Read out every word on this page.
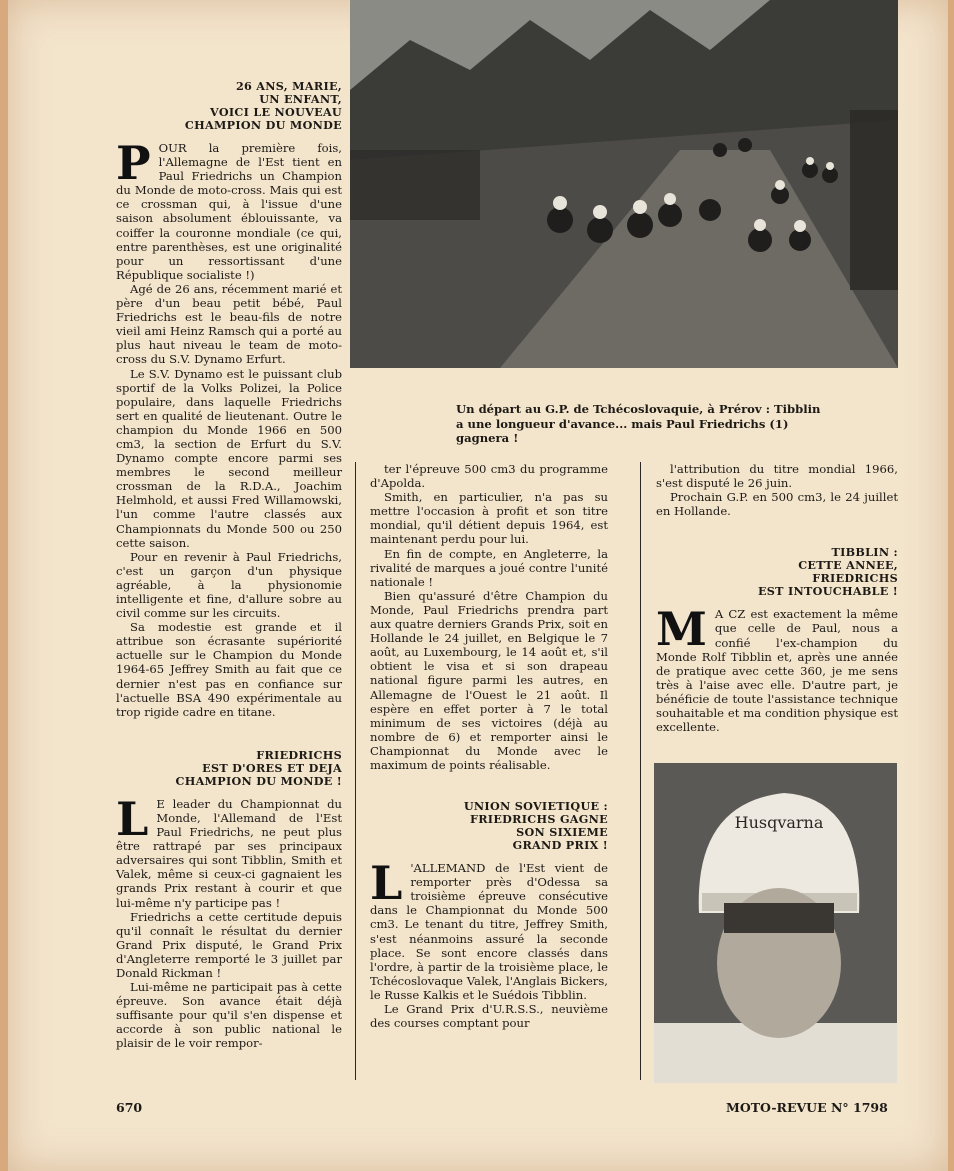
Husqvarna

26 ANS, MARIE,

UN ENFANT,

VOICI LE NOUVEAU

CHAMPION DU MONDE

POUR la première fois, l'Allemagne de l'Est tient en Paul Friedrichs un Champion du Monde de moto-cross. Mais qui est ce crossman qui, à l'issue d'une saison absolument éblouissante, va coiffer la couronne mondiale (ce qui, entre parenthèses, est une originalité pour un ressortissant d'une République socialiste !)

Agé de 26 ans, récemment marié et père d'un beau petit bébé, Paul Friedrichs est le beau-fils de notre vieil ami Heinz Ramsch qui a porté au plus haut niveau le team de moto-cross du S.V. Dynamo Erfurt.

Le S.V. Dynamo est le puissant club sportif de la Volks Polizei, la Police populaire, dans laquelle Friedrichs sert en qualité de lieutenant. Outre le champion du Monde 1966 en 500 cm3, la section de Erfurt du S.V. Dynamo compte encore parmi ses membres le second meilleur crossman de la R.D.A., Joachim Helmhold, et aussi Fred Willamowski, l'un comme l'autre classés aux Championnats du Monde 500 ou 250 cette saison.

Pour en revenir à Paul Friedrichs, c'est un garçon d'un physique agréable, à la physionomie intelligente et fine, d'allure sobre au civil comme sur les circuits.

Sa modestie est grande et il attribue son écrasante supériorité actuelle sur le Champion du Monde 1964-65 Jeffrey Smith au fait que ce dernier n'est pas en confiance sur l'actuelle BSA 490 expérimentale au trop rigide cadre en titane.

FRIEDRICHS

EST D'ORES ET DEJA

CHAMPION DU MONDE !

L E leader du Championnat du Monde, l'Allemand de l'Est Paul Friedrichs, ne peut plus être rattrapé par ses principaux adversaires qui sont Tibblin, Smith et Valek, même si ceux-ci gagnaient les grands Prix restant à courir et que lui-même n'y participe pas !

Friedrichs a cette certitude depuis qu'il connaît le résultat du dernier Grand Prix disputé, le Grand Prix d'Angleterre remporté le 3 juillet par Donald Rickman !

Lui-même ne participait pas à cette épreuve. Son avance était déjà suffisante pour qu'il s'en dispense et accorde à son public national le plaisir de le voir rempor-

Un départ au G.P. de Tchécoslovaquie, à Prérov : Tibblin a une longueur d'avance... mais Paul Friedrichs (1) gagnera !

ter l'épreuve 500 cm3 du programme d'Apolda.

Smith, en particulier, n'a pas su mettre l'occasion à profit et son titre mondial, qu'il détient depuis 1964, est maintenant perdu pour lui.

En fin de compte, en Angleterre, la rivalité de marques a joué contre l'unité nationale !

Bien qu'assuré d'être Champion du Monde, Paul Friedrichs prendra part aux quatre derniers Grands Prix, soit en Hollande le 24 juillet, en Belgique le 7 août, au Luxembourg, le 14 août et, s'il obtient le visa et si son drapeau national figure parmi les autres, en Allemagne de l'Ouest le 21 août. Il espère en effet porter à 7 le total minimum de ses victoires (déjà au nombre de 6) et remporter ainsi le Championnat du Monde avec le maximum de points réalisable.

UNION SOVIETIQUE :

FRIEDRICHS GAGNE

SON SIXIEME

GRAND PRIX !

L 'ALLEMAND de l'Est vient de remporter près d'Odessa sa troisième épreuve consécutive dans le Championnat du Monde 500 cm3. Le tenant du titre, Jeffrey Smith, s'est néanmoins assuré la seconde place. Se sont encore classés dans l'ordre, à partir de la troisième place, le Tchécoslovaque Valek, l'Anglais Bickers, le Russe Kalkis et le Suédois Tibblin.

Le Grand Prix d'U.R.S.S., neuvième des courses comptant pour

l'attribution du titre mondial 1966, s'est disputé le 26 juin.

Prochain G.P. en 500 cm3, le 24 juillet en Hollande.

TIBBLIN :

CETTE ANNEE,

FRIEDRICHS

EST INTOUCHABLE !

M A CZ est exactement la même que celle de Paul, nous a confié l'ex-champion du Monde Rolf Tibblin et, après une année de pratique avec cette 360, je me sens très à l'aise avec elle. D'autre part, je bénéficie de toute l'assistance technique souhaitable et ma condition physique est excellente.

670	MOTO-REVUE N° 1798
